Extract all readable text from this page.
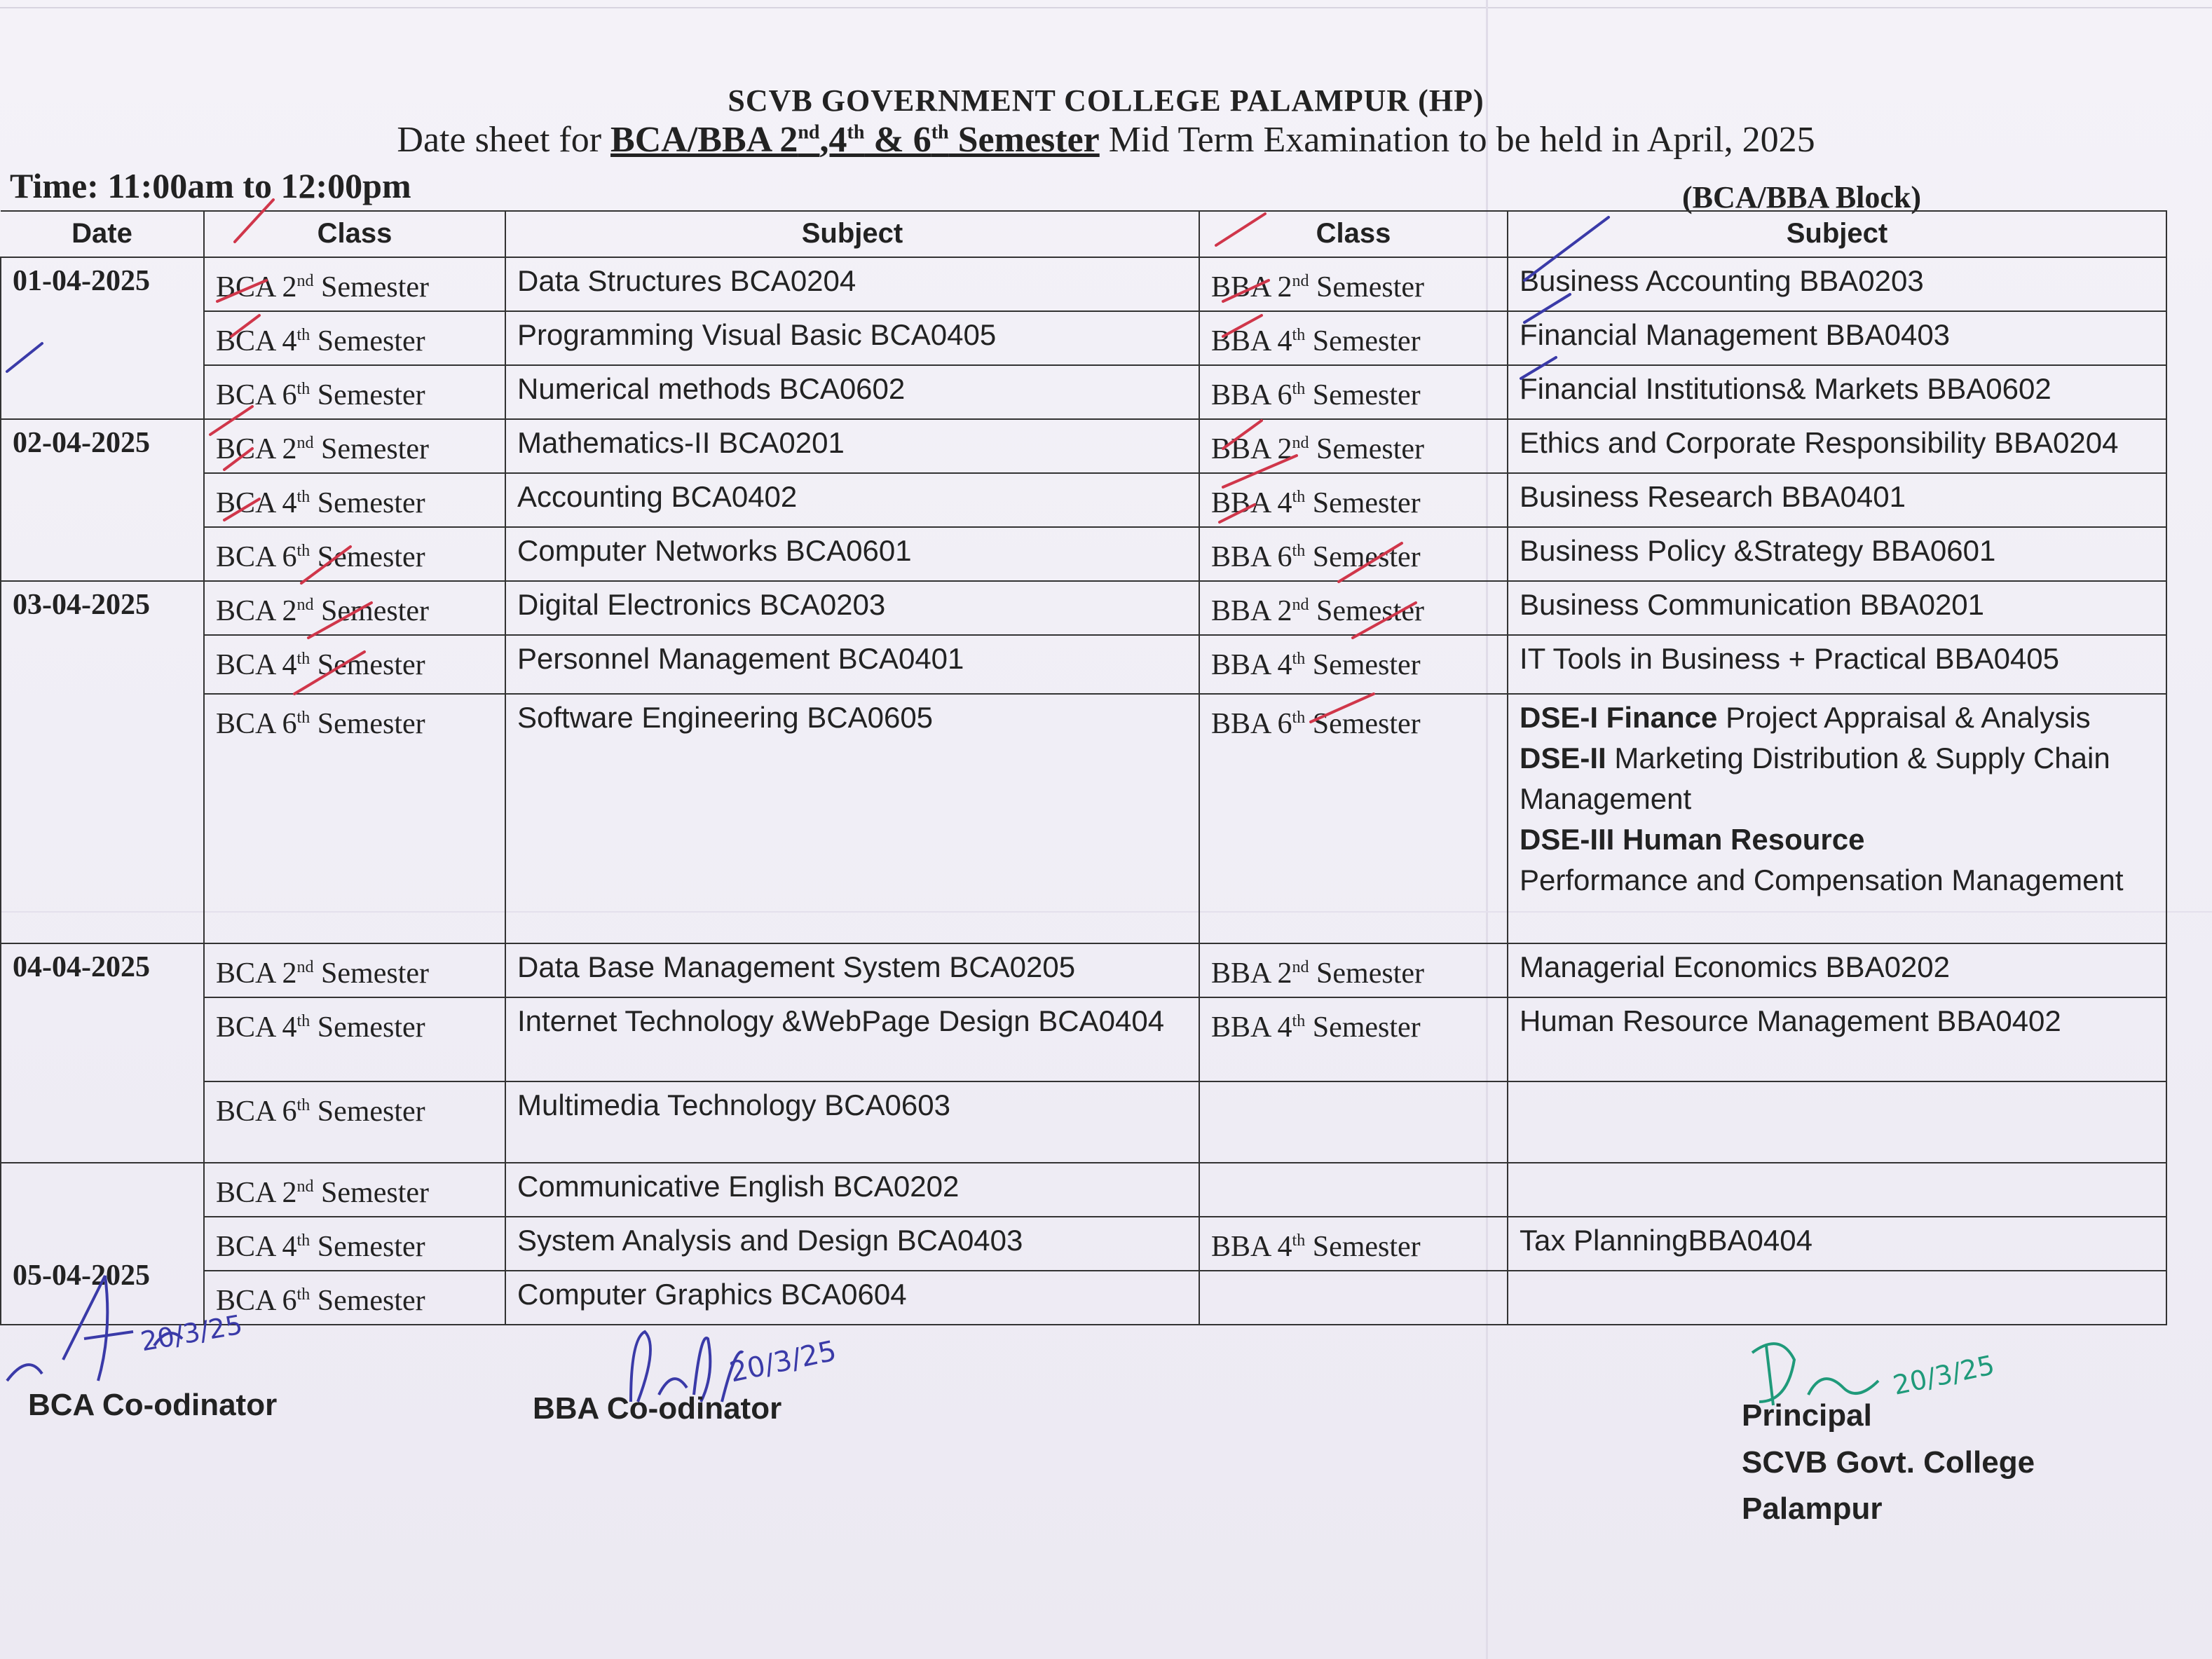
SCVB GOVERNMENT COLLEGE PALAMPUR (HP)
Date sheet for BCA/BBA 2nd,4th & 6th Semester Mid Term Examination to be held in April, 2025
Time: 11:00am to 12:00pm	(BCA/BBA Block)
Date	Class	Subject	Class	Subject
01-04-2025	BCA 2nd Semester	Data Structures BCA0204	BBA 2nd Semester	Business Accounting BBA0203
	BCA 4th Semester	Programming Visual Basic BCA0405	BBA 4th Semester	Financial Management BBA0403
	BCA 6th Semester	Numerical methods BCA0602	BBA 6th Semester	Financial Institutions& Markets BBA0602
02-04-2025	BCA 2nd Semester	Mathematics-II BCA0201	BBA 2nd Semester	Ethics and Corporate Responsibility BBA0204
	BCA 4th Semester	Accounting BCA0402	BBA 4th Semester	Business Research BBA0401
	BCA 6th Semester	Computer Networks BCA0601	BBA 6th Semester	Business Policy &Strategy BBA0601
03-04-2025	BCA 2nd Semester	Digital Electronics BCA0203	BBA 2nd Semester	Business Communication BBA0201
	BCA 4th Semester	Personnel Management BCA0401	BBA 4th Semester	IT Tools in Business + Practical BBA0405
	BCA 6th Semester	Software Engineering BCA0605	BBA 6th Semester	DSE-I Finance Project Appraisal & Analysis
DSE-II Marketing Distribution & Supply Chain Management
DSE-III Human Resource
Performance and Compensation Management

04-04-2025	BCA 2nd Semester	Data Base Management System BCA0205	BBA 2nd Semester	Managerial Economics BBA0202
	BCA 4th Semester	Internet Technology &WebPage Design BCA0404	BBA 4th Semester	Human Resource Management BBA0402
	BCA 6th Semester	Multimedia Technology BCA0603		
05-04-2025	BCA 2nd Semester	Communicative English BCA0202		
	BCA 4th Semester	System Analysis and Design BCA0403	BBA 4th Semester	Tax PlanningBBA0404
	BCA 6th Semester	Computer Graphics BCA0604		
20/3/25
BCA Co-odinator
20/3/25
BBA Co-odinator
20/3/25
Principal
SCVB Govt. College
Palampur
